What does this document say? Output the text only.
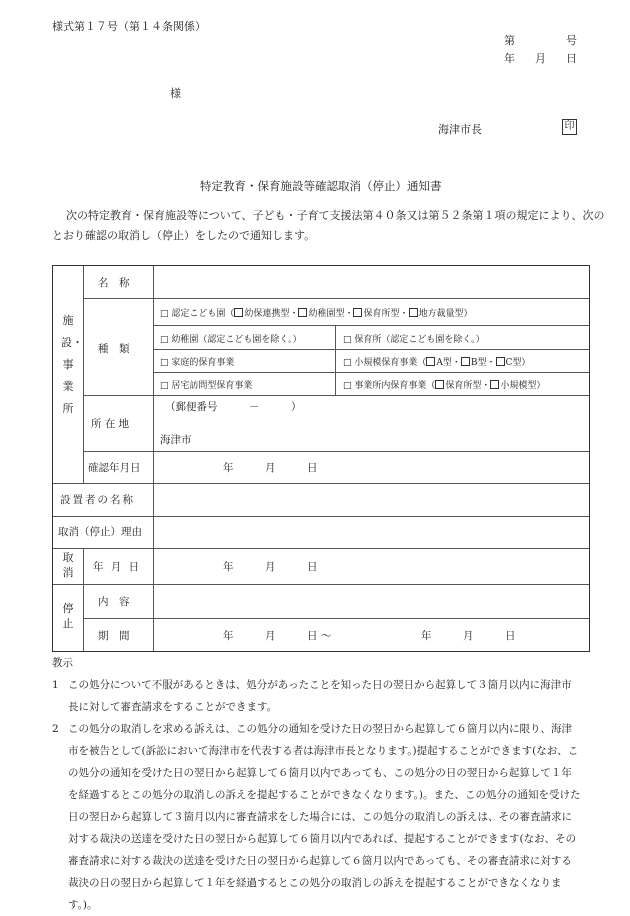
様式第１７号（第１４条関係）
第	号
年 月 日
様
海津市長	印
特定教育・保育施設等確認取消（停止）通知書
次の特定教育・保育施設等について、子ども・子育て支援法第４０条又は第５２条第１項の規定により、次の
とおり確認の取消し（停止）をしたので通知します。
施設・事業所
名　称
種　類
□ 認定こども園（ 幼保連携型・ 幼稚園型・ 保育所型・ 地方裁量型）
□ 幼稚園（認定こども園を除く。）	□ 保育所（認定こども園を除く。）
□ 家庭的保育事業	□ 小規模保育事業（ A型・ B型・ C型）
□ 居宅訪問型保育事業	□ 事業所内保育事業（ 保育所型・ 小規模型）
所 在 地
（郵便番号　　　－　　　）
海津市
確認年月日	年　　　月　　　日
設置者の名称
取消（停止）理由
取消 年 月 日	年　　　月　　　日
停止
内　容
期　間	年　　　月　　　日 〜	年　　　月　　　日
教示

1 この処分について不服があるときは、処分があったことを知った日の翌日から起算して３箇月以内に海津市長に対して審査請求をすることができます。

2 この処分の取消しを求める訴えは、この処分の通知を受けた日の翌日から起算して６箇月以内に限り、海津市を被告として(訴訟において海津市を代表する者は海津市長となります。)提起することができます(なお、この処分の通知を受けた日の翌日から起算して６箇月以内であっても、この処分の日の翌日から起算して１年を経過するとこの処分の取消しの訴えを提起することができなくなります。)。また、この処分の通知を受けた日の翌日から起算して３箇月以内に審査請求をした場合には、この処分の取消しの訴えは、その審査請求に対する裁決の送達を受けた日の翌日から起算して６箇月以内であれば、提起することができます(なお、その審査請求に対する裁決の送達を受けた日の翌日から起算して６箇月以内であっても、その審査請求に対する裁決の日の翌日から起算して１年を経過するとこの処分の取消しの訴えを提起することができなくなります。)。
